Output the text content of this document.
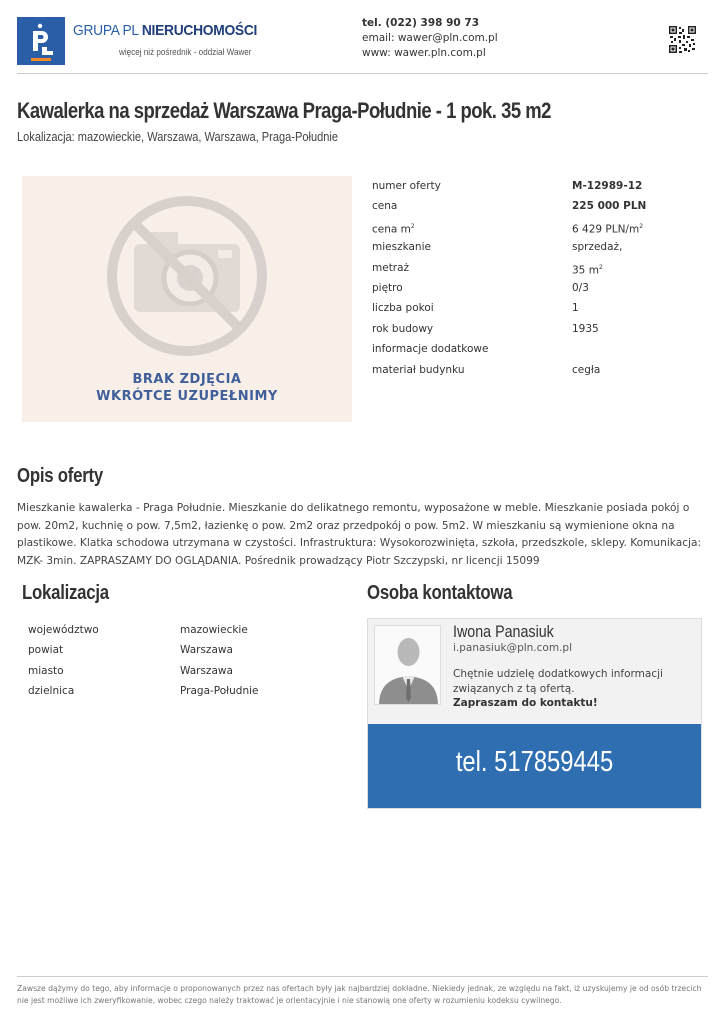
GRUPA PL NIERUCHOMOŚCI
więcej niż pośrednik - oddział Wawer
tel. (022) 398 90 73
email: wawer@pln.com.pl
www: wawer.pln.com.pl
Kawalerka na sprzedaż Warszawa Praga-Południe - 1 pok. 35 m2
Lokalizacja: mazowieckie, Warszawa, Warszawa, Praga-Południe
BRAK ZDJĘCIA
WKRÓTCE UZUPEŁNIMY
numer oferty	M-12989-12
cena	225 000 PLN
cena $m^2$	6 429 PLN/$m^2$
mieszkanie	sprzedaż,
metraż	35 $m^2$
piętro	0/3
liczba pokoi	1
rok budowy	1935
informacje dodatkowe
materiał budynku	cegła
Opis oferty

Mieszkanie kawalerka - Praga Południe. Mieszkanie do delikatnego remontu, wyposażone w meble. Mieszkanie posiada pokój o pow. 20m2, kuchnię o pow. 7,5m2, łazienkę o pow. 2m2 oraz przedpokój o pow. 5m2. W mieszkaniu są wymienione okna na plastikowe. Klatka schodowa utrzymana w czystości. Infrastruktura: Wysokorozwinięta, szkoła, przedszkole, sklepy. Komunikacja: MZK- 3min. ZAPRASZAMY DO OGLĄDANIA. Pośrednik prowadzący Piotr Szczypski, nr licencji 15099

Lokalizacja
województwo	mazowieckie
powiat	Warszawa
miasto	Warszawa
dzielnica	Praga-Południe
Osoba kontaktowa
Iwona Panasiuk
i.panasiuk@pln.com.pl
Chętnie udzielę dodatkowych informacji związanych z tą ofertą.
Zapraszam do kontaktu!
tel. 517859445
Zawsze dążymy do tego, aby informacje o proponowanych przez nas ofertach były jak najbardziej dokładne. Niekiedy jednak, ze względu na fakt, iż uzyskujemy je od osób trzecich nie jest możliwe ich zweryfikowanie, wobec czego należy traktować je orientacyjnie i nie stanowią one oferty w rozumieniu kodeksu cywilnego.
